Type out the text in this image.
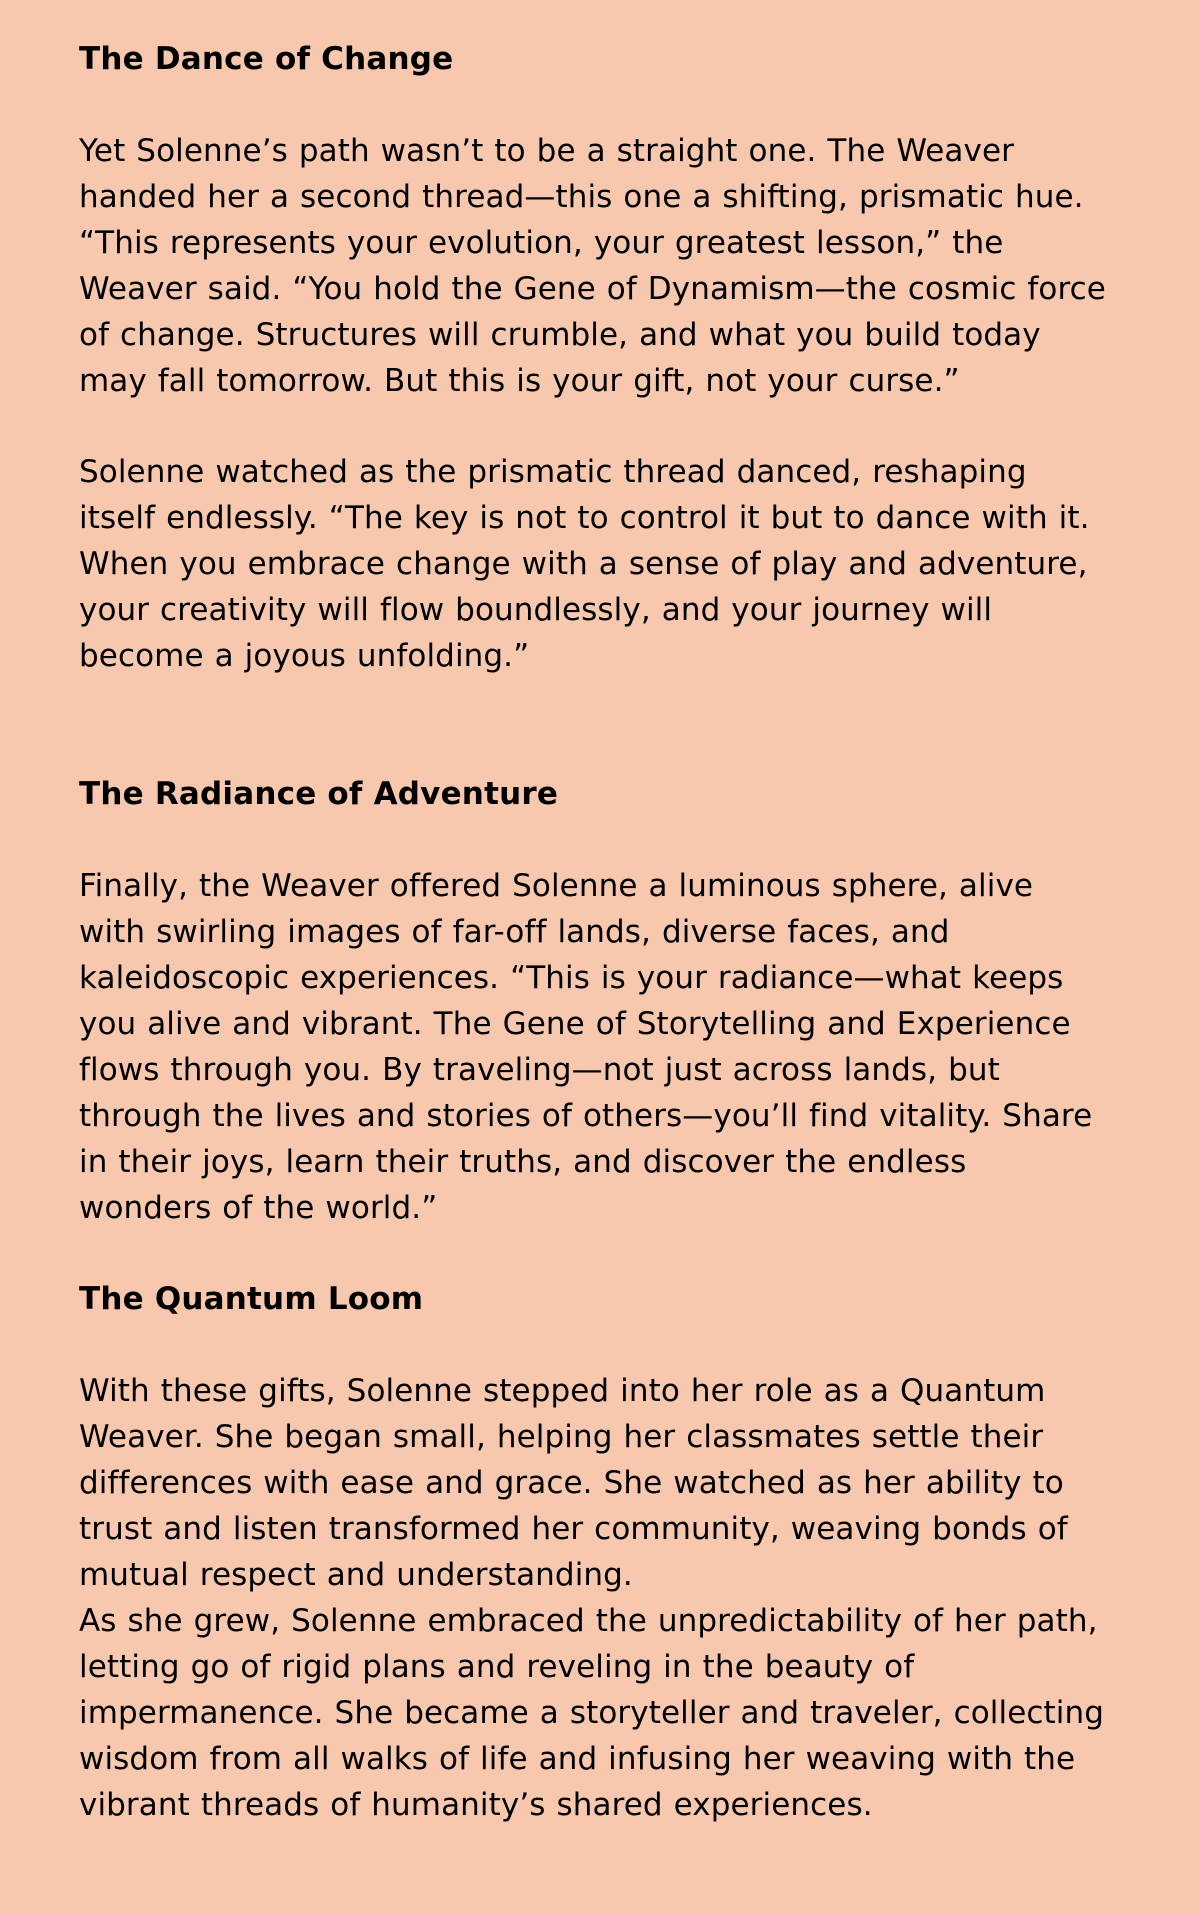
The Dance of Change

Yet Solenne’s path wasn’t to be a straight one. The Weaver handed her a second thread—this one a shifting, prismatic hue. “This represents your evolution, your greatest lesson,” the Weaver said. “You hold the Gene of Dynamism—the cosmic force of change. Structures will crumble, and what you build today may fall tomorrow. But this is your gift, not your curse.”

Solenne watched as the prismatic thread danced, reshaping itself endlessly. “The key is not to control it but to dance with it. When you embrace change with a sense of play and adventure, your creativity will flow boundlessly, and your journey will become a joyous unfolding.”

The Radiance of Adventure

Finally, the Weaver offered Solenne a luminous sphere, alive with swirling images of far-off lands, diverse faces, and kaleidoscopic experiences. “This is your radiance—what keeps you alive and vibrant. The Gene of Storytelling and Experience flows through you. By traveling—not just across lands, but through the lives and stories of others—you’ll find vitality. Share in their joys, learn their truths, and discover the endless wonders of the world.”

The Quantum Loom

With these gifts, Solenne stepped into her role as a Quantum Weaver. She began small, helping her classmates settle their differences with ease and grace. She watched as her ability to trust and listen transformed her community, weaving bonds of mutual respect and understanding.

As she grew, Solenne embraced the unpredictability of her path, letting go of rigid plans and reveling in the beauty of impermanence. She became a storyteller and traveler, collecting wisdom from all walks of life and infusing her weaving with the vibrant threads of humanity’s shared experiences.
